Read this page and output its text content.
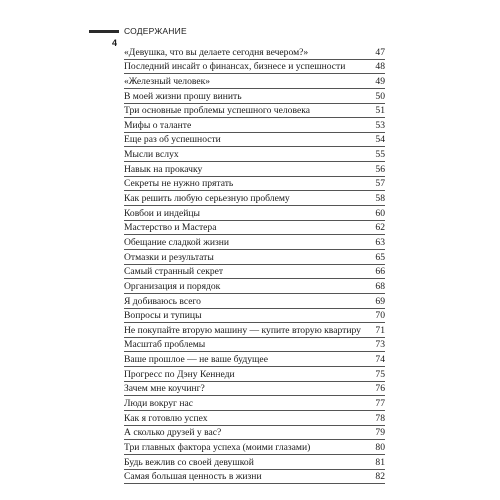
4
СОДЕРЖАНИЕ
«Девушка, что вы делаете сегодня вечером?»	47
Последний инсайт о финансах, бизнесе и успешности	48
«Железный человек»	49
В моей жизни прошу винить	50
Три основные проблемы успешного человека	51
Мифы о таланте	53
Еще раз об успешности	54
Мысли вслух	55
Навык на прокачку	56
Секреты не нужно прятать	57
Как решить любую серьезную проблему	58
Ковбои и индейцы	60
Мастерство и Мастера	62
Обещание сладкой жизни	63
Отмазки и результаты	65
Самый странный секрет	66
Организация и порядок	68
Я добиваюсь всего	69
Вопросы и тупицы	70
Не покупайте вторую машину — купите вторую квартиру 71
Масштаб проблемы	73
Ваше прошлое — не ваше будущее	74
Прогресс по Дэну Кеннеди	75
Зачем мне коучинг?	76
Люди вокруг нас	77
Как я готовлю успех	78
А сколько друзей у вас?	79
Три главных фактора успеха (моими глазами)	80
Будь вежлив со своей девушкой	81
Самая большая ценность в жизни	82
